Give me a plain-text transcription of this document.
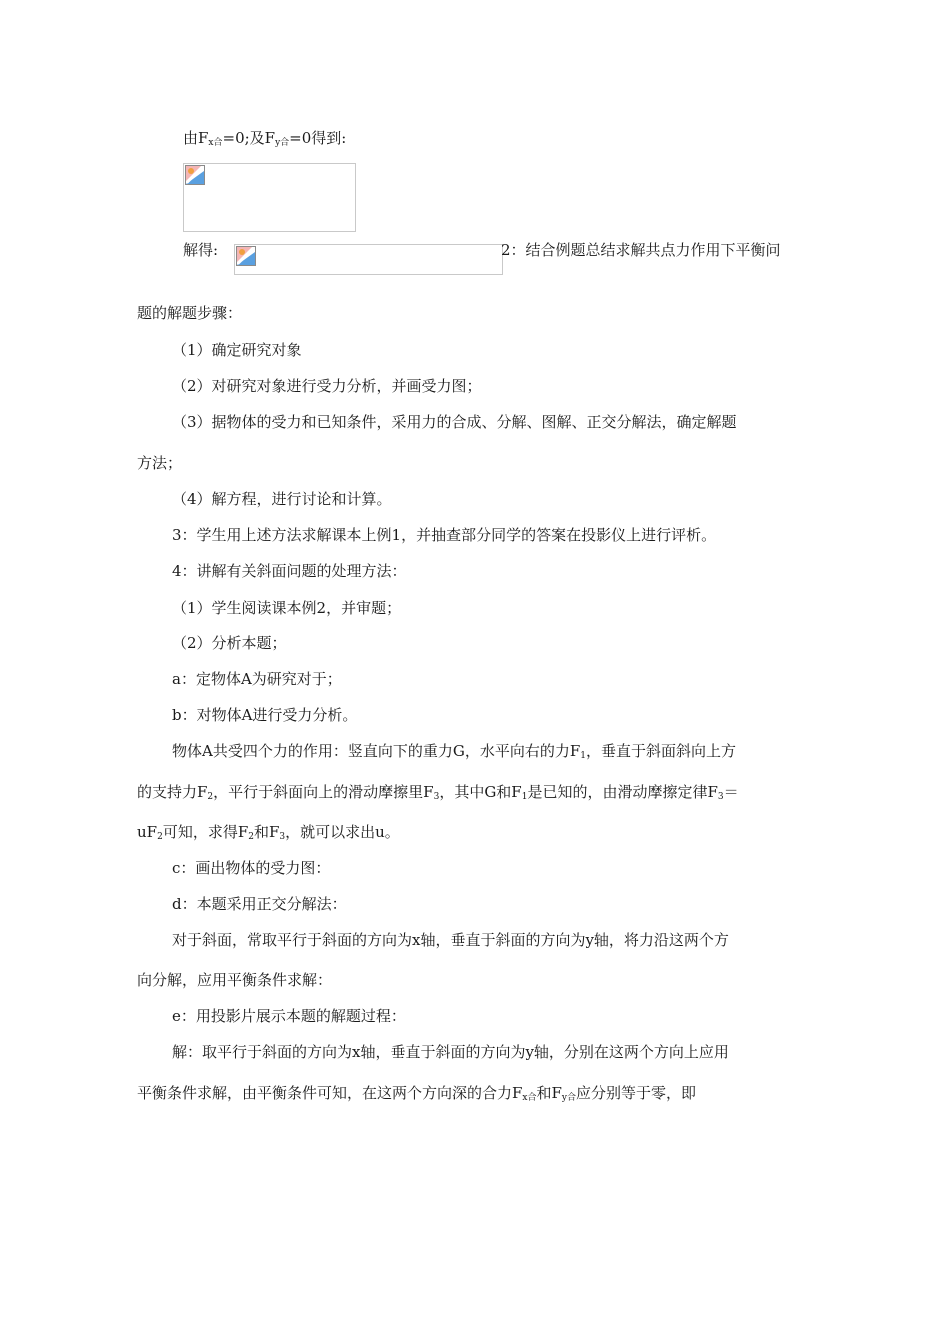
由$F_{x合}=0$;及$F_{y合}=0$得到:
解得:	2：结合例题总结求解共点力作用下平衡问
题的解题步骤：
（1）确定研究对象
（2）对研究对象进行受力分析，并画受力图；
（3）据物体的受力和已知条件，采用力的合成、分解、图解、正交分解法，确定解题
方法；
（4）解方程，进行讨论和计算。
3：学生用上述方法求解课本上例1，并抽查部分同学的答案在投影仪上进行评析。
4：讲解有关斜面问题的处理方法：
（1）学生阅读课本例2，并审题；
（2）分析本题；
a：定物体A为研究对于；
b：对物体A进行受力分析。
物体A共受四个力的作用：竖直向下的重力G，水平向右的力$F_1$，垂直于斜面斜向上方
的支持力$F_2$，平行于斜面向上的滑动摩擦里$F_3$，其中G和$F_1$是已知的，由滑动摩擦定律$F_3=$
$uF_2$可知，求得$F_2$和$F_3$，就可以求出u。
c：画出物体的受力图：
d：本题采用正交分解法：
对于斜面，常取平行于斜面的方向为x轴，垂直于斜面的方向为y轴，将力沿这两个方
向分解，应用平衡条件求解：
e：用投影片展示本题的解题过程：
解：取平行于斜面的方向为x轴，垂直于斜面的方向为y轴，分别在这两个方向上应用
平衡条件求解，由平衡条件可知，在这两个方向深的合力$F_{x合}$和$F_{y合}$应分别等于零，即
